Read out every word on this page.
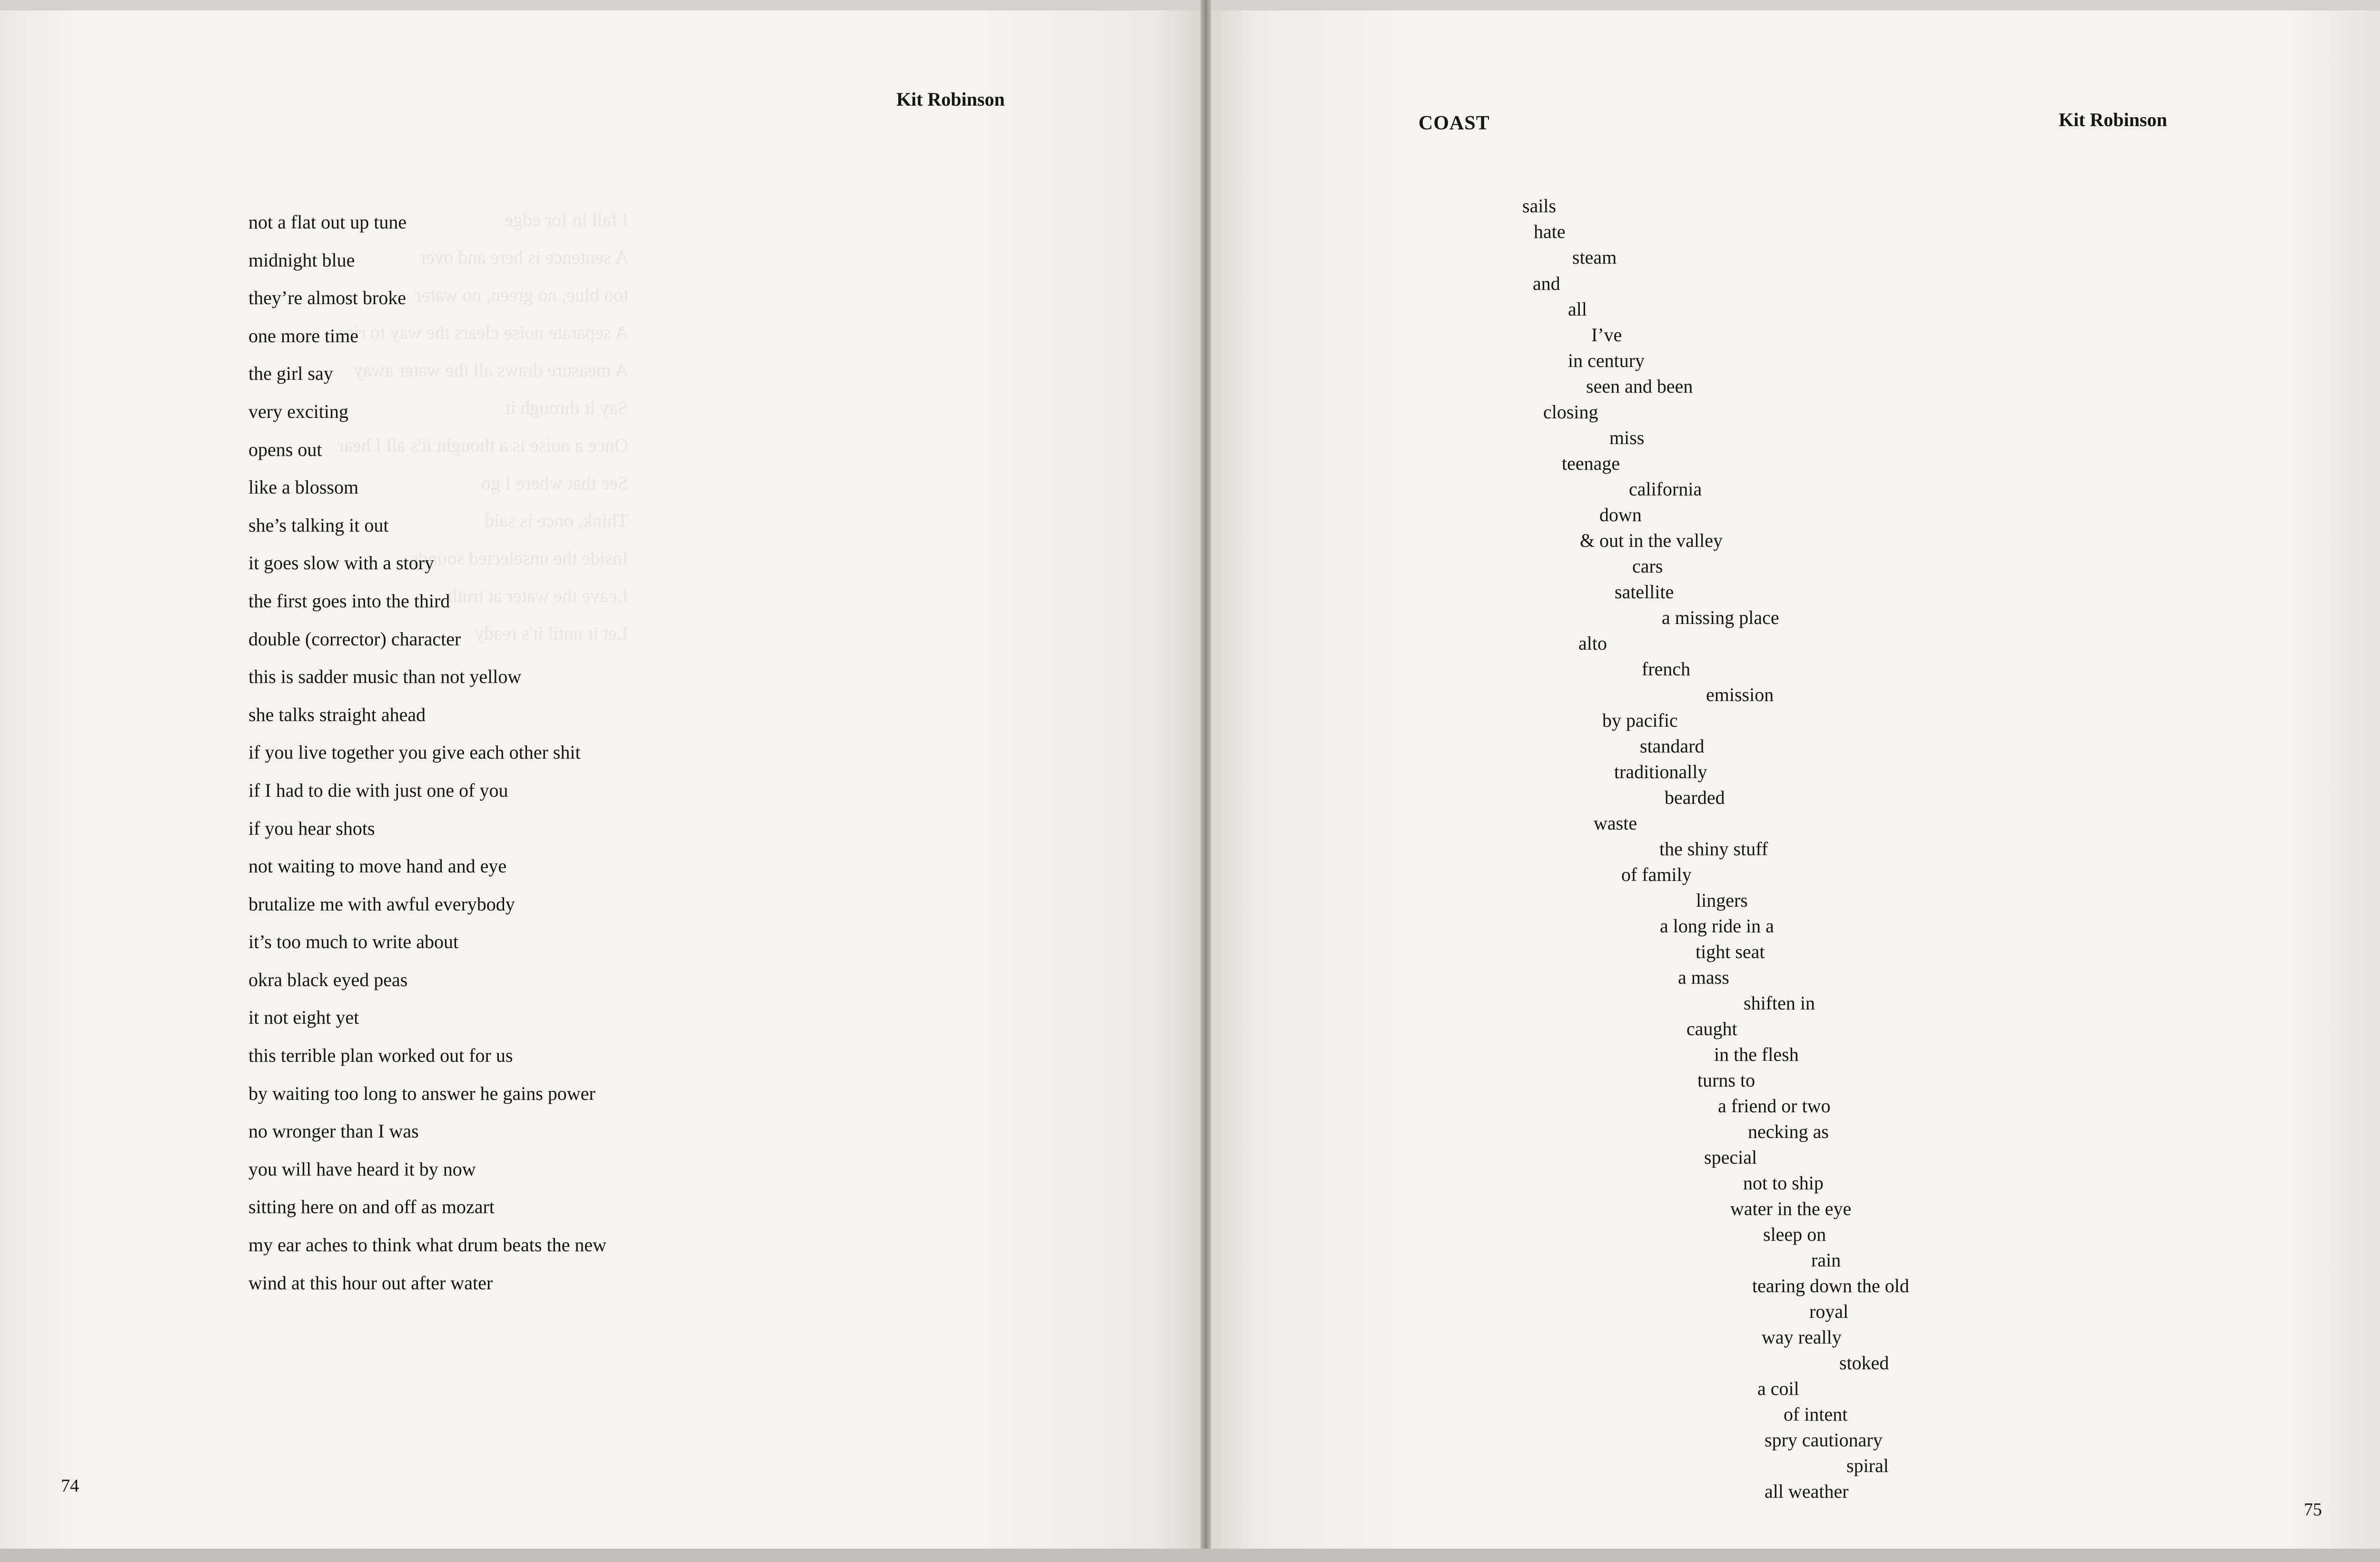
I fall in for edge
A sentence is here and over
too blue, no green, no water
A separate noise clears the way to rise
A measure draws all the water away
Say it through it
Once a noise is a thought it's all I hear
See that where I go
Think, once is said
Inside the unselected sounds
Leave the water at truth
Let it until it's ready
Kit Robinson
not a flat out up tune
midnight blue
they’re almost broke
one more time
the girl say
very exciting
opens out
like a blossom
she’s talking it out
it goes slow with a story
the first goes into the third
double (corrector) character
this is sadder music than not yellow
she talks straight ahead
if you live together you give each other shit
if I had to die with just one of you
if you hear shots
not waiting to move hand and eye
brutalize me with awful everybody
it’s too much to write about
okra black eyed peas
it not eight yet
this terrible plan worked out for us
by waiting too long to answer he gains power
no wronger than I was
you will have heard it by now
sitting here on and off as mozart
my ear aches to think what drum beats the new
wind at this hour out after water
74

COAST	Kit Robinson
sails
hate
steam
and
all
I’ve
in century
seen and been
closing
miss
teenage
california
down
& out in the valley
cars
satellite
a missing place
alto
french
emission
by pacific
standard
traditionally
bearded
waste
the shiny stuff
of family
lingers
a long ride in a
tight seat
a mass
shiften in
caught
in the flesh
turns to
a friend or two
necking as
special
not to ship
water in the eye
sleep on
rain
tearing down the old
royal
way really
stoked
a coil
of intent
spry cautionary
spiral
all weather
75
